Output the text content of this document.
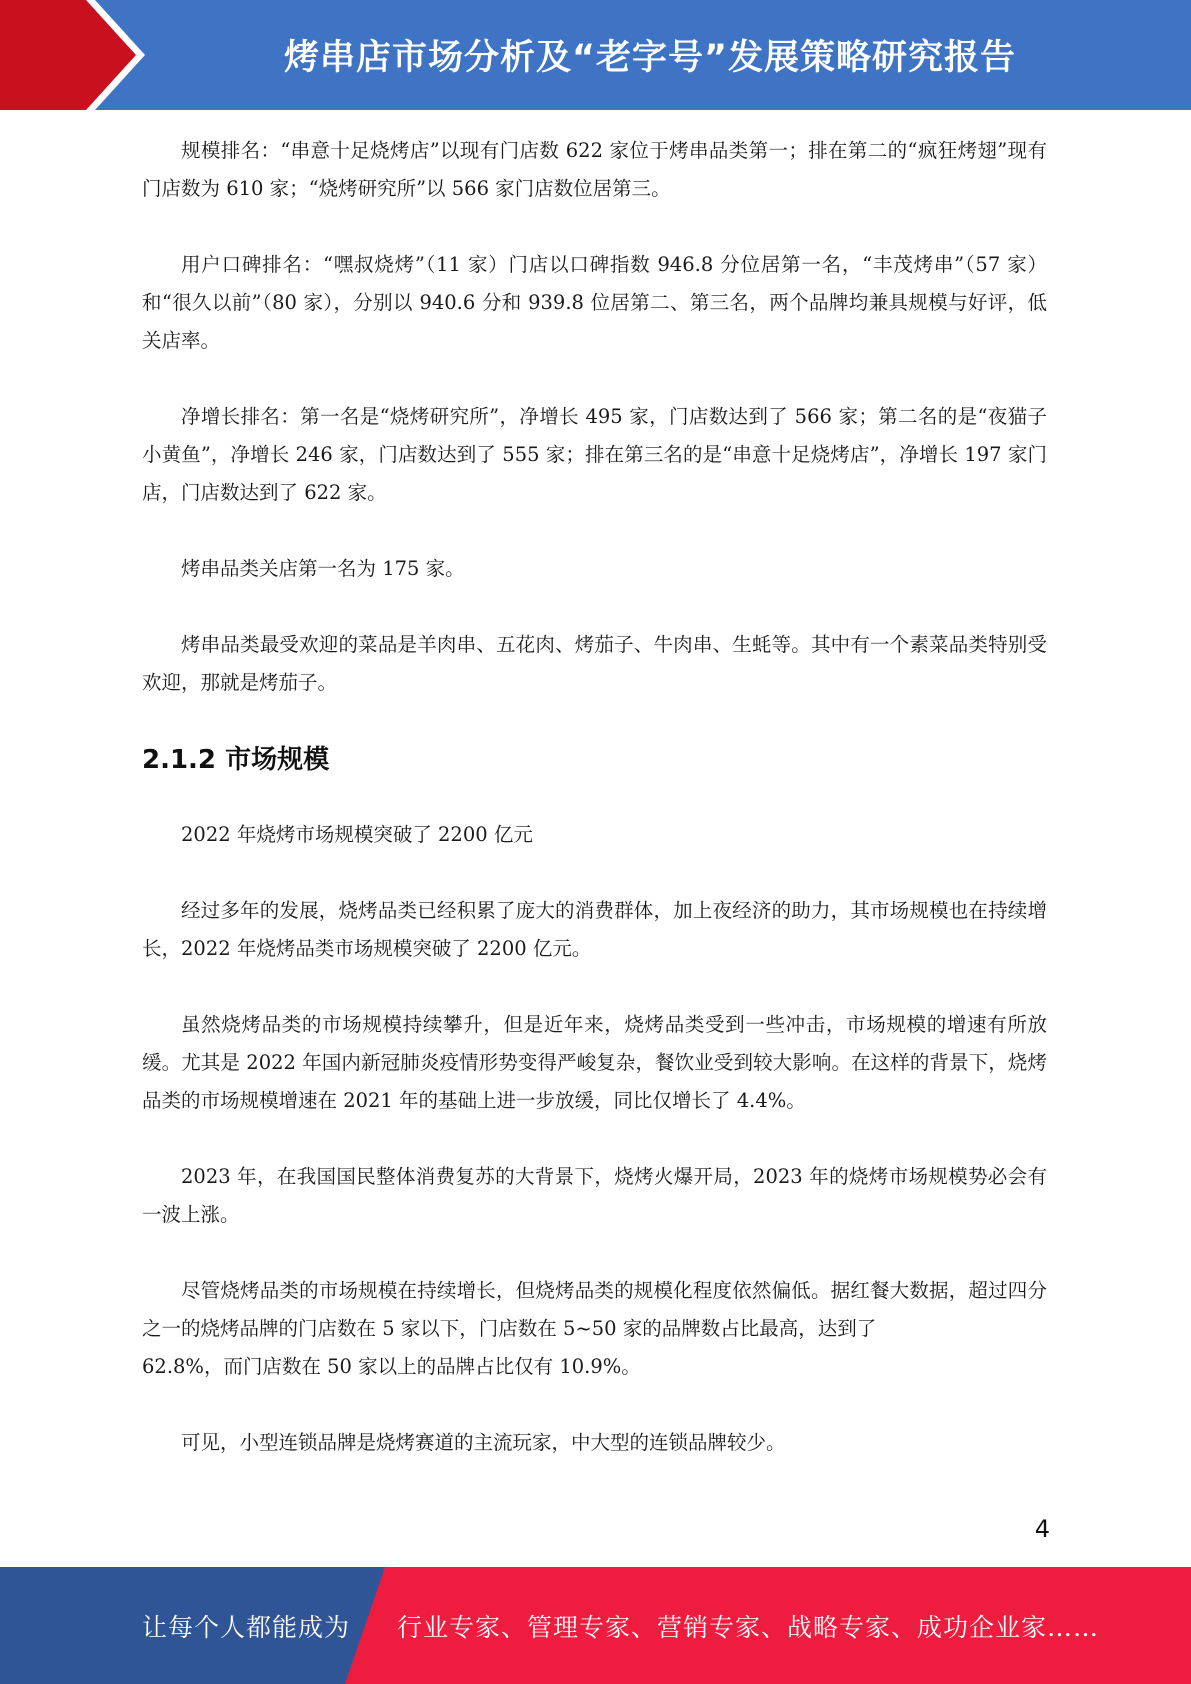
烤串店市场分析及“老字号”发展策略研究报告

规模排名：“串意十足烧烤店”以现有门店数 622 家位于烤串品类第一；排在第二的“疯狂烤翅”现有门店数为 610 家；“烧烤研究所”以 566 家门店数位居第三。

用户口碑排名：“嘿叔烧烤”（11 家）门店以口碑指数 946.8 分位居第一名，“丰茂烤串”（57 家）和“很久以前”（80 家），分别以 940.6 分和 939.8 位居第二、第三名，两个品牌均兼具规模与好评，低关店率。

净增长排名：第一名是“烧烤研究所”，净增长 495 家，门店数达到了 566 家；第二名的是“夜猫子小黄鱼”，净增长 246 家，门店数达到了 555 家；排在第三名的是“串意十足烧烤店”，净增长 197 家门店，门店数达到了 622 家。

烤串品类关店第一名为 175 家。

烤串品类最受欢迎的菜品是羊肉串、五花肉、烤茄子、牛肉串、生蚝等。其中有一个素菜品类特别受欢迎，那就是烤茄子。

2.1.2 市场规模

2022 年烧烤市场规模突破了 2200 亿元

经过多年的发展，烧烤品类已经积累了庞大的消费群体，加上夜经济的助力，其市场规模也在持续增长，2022 年烧烤品类市场规模突破了 2200 亿元。

虽然烧烤品类的市场规模持续攀升，但是近年来，烧烤品类受到一些冲击，市场规模的增速有所放缓。尤其是 2022 年国内新冠肺炎疫情形势变得严峻复杂，餐饮业受到较大影响。在这样的背景下，烧烤品类的市场规模增速在 2021 年的基础上进一步放缓，同比仅增长了 4.4%。

2023 年，在我国国民整体消费复苏的大背景下，烧烤火爆开局，2023 年的烧烤市场规模势必会有一波上涨。

尽管烧烤品类的市场规模在持续增长，但烧烤品类的规模化程度依然偏低。据红餐大数据，超过四分之一的烧烤品牌的门店数在 5 家以下，门店数在 5~50 家的品牌数占比最高，达到了
62.8%，而门店数在 50 家以上的品牌占比仅有 10.9%。

可见，小型连锁品牌是烧烤赛道的主流玩家，中大型的连锁品牌较少。

4
让每个人都能成为 行业专家、管理专家、营销专家、战略专家、成功企业家……
